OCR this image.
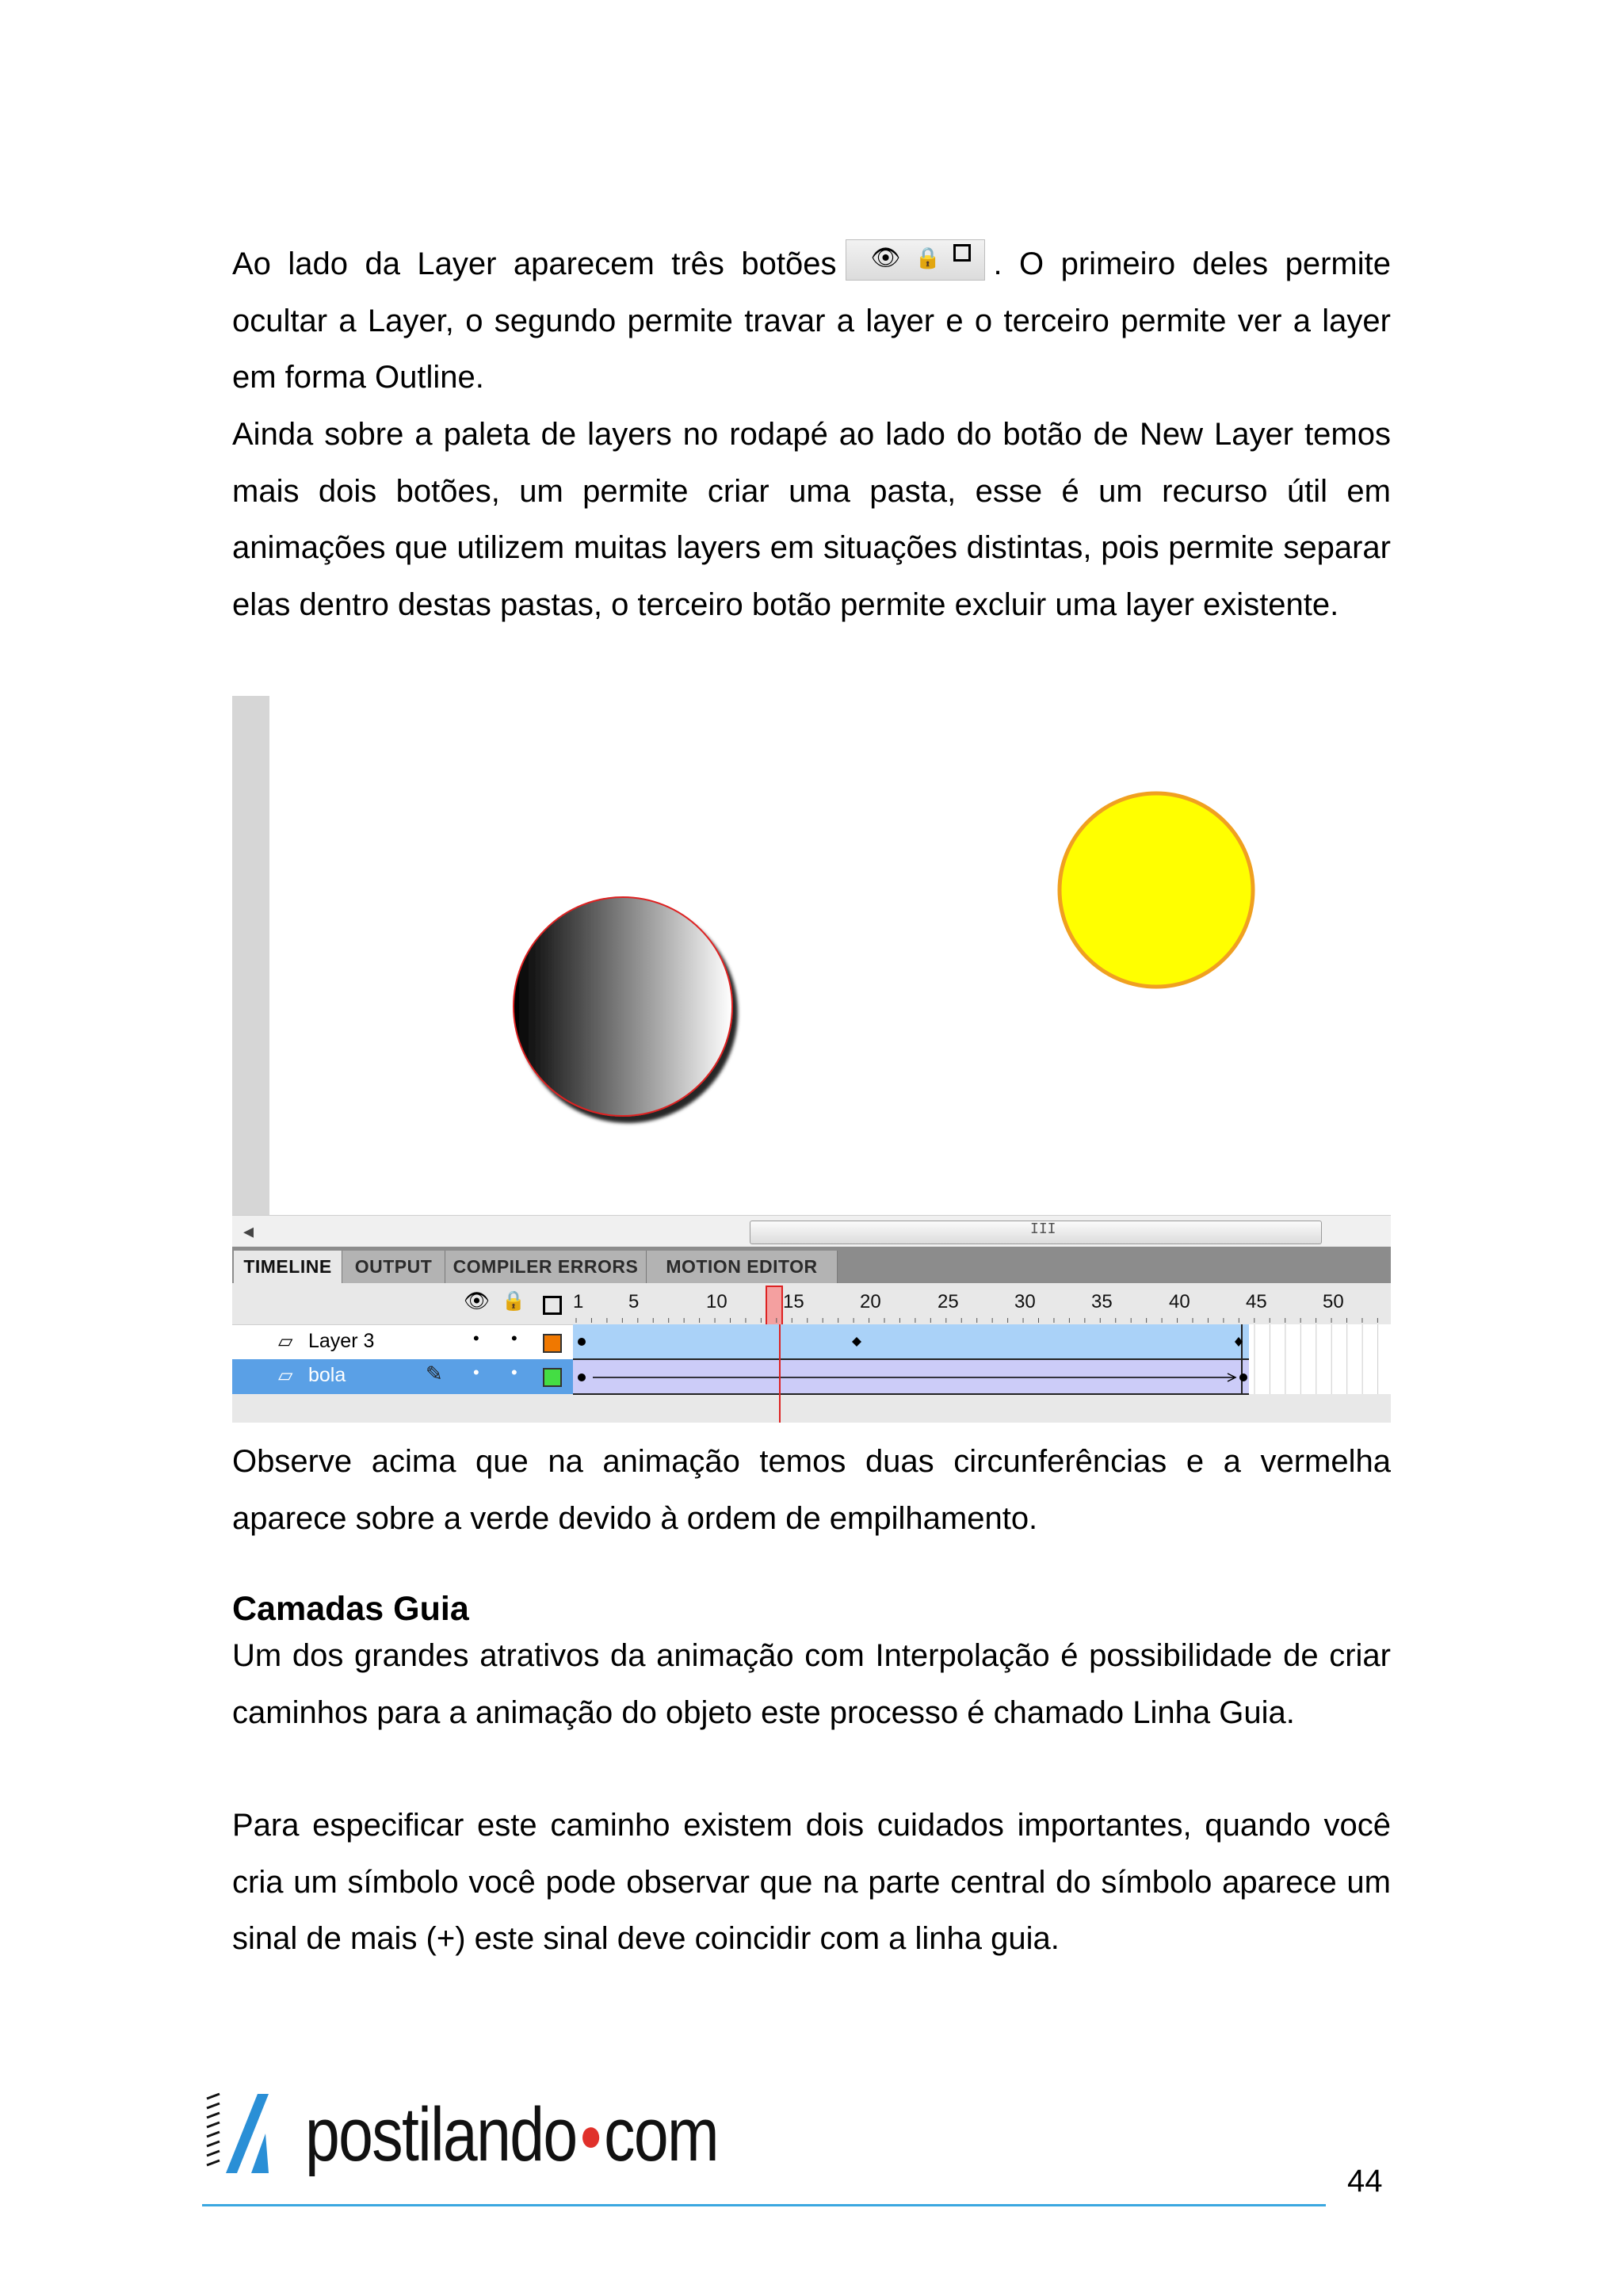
Ao lado da Layer aparecem três botões 👁 🔒 . O primeiro deles permite ocultar a Layer, o segundo permite travar a layer e o terceiro permite ver a layer em forma Outline.

Ainda sobre a paleta de layers no rodapé ao lado do botão de New Layer temos mais dois botões, um permite criar uma pasta, esse é um recurso útil em animações que utilizem muitas layers em situações distintas, pois permite separar elas dentro destas pastas, o terceiro botão permite excluir uma layer existente.

◂	III
TIMELINE	OUTPUT	COMPILER ERRORS	MOTION EDITOR
👁 🔒	1 5	10	15	20	25	30	35	40	45	50
▱ Layer 3	• •
▱ bola	✎ • •

Observe acima que na animação temos duas circunferências e a vermelha aparece sobre a verde devido à ordem de empilhamento.

Camadas Guia

Um dos grandes atrativos da animação com Interpolação é possibilidade de criar caminhos para a animação do objeto este processo é chamado Linha Guia.

Para especificar este caminho existem dois cuidados importantes, quando você cria um símbolo você pode observar que na parte central do símbolo aparece um sinal de mais (+) este sinal deve coincidir com a linha guia.

postilando●com
44
